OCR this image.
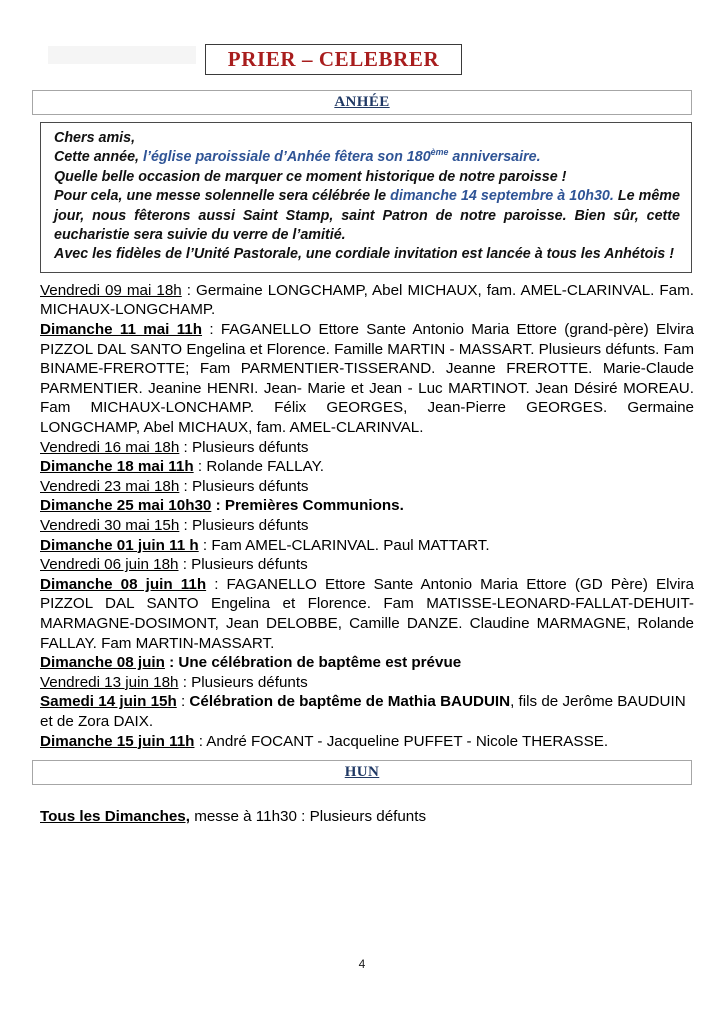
PRIER – CELEBRER
ANHÉE

Chers amis,

Cette année, l’église paroissiale d’Anhée fêtera son 180ème anniversaire.

Quelle belle occasion de marquer ce moment historique de notre paroisse !

Pour cela, une messe solennelle sera célébrée le dimanche 14 septembre à 10h30. Le même jour, nous fêterons aussi Saint Stamp, saint Patron de notre paroisse. Bien sûr, cette eucharistie sera suivie du verre de l’amitié.

Avec les fidèles de l’Unité Pastorale, une cordiale invitation est lancée à tous les Anhétois !

Vendredi 09 mai 18h : Germaine LONGCHAMP, Abel MICHAUX, fam. AMEL-CLARINVAL. Fam. MICHAUX-LONGCHAMP.

Dimanche 11 mai 11h : FAGANELLO Ettore Sante Antonio Maria Ettore (grand-père) Elvira PIZZOL DAL SANTO Engelina et Florence. Famille MARTIN - MASSART. Plusieurs défunts. Fam BINAME-FREROTTE; Fam PARMENTIER-TISSERAND. Jeanne FREROTTE. Marie-Claude PARMENTIER. Jeanine HENRI. Jean- Marie et Jean - Luc MARTINOT. Jean Désiré MOREAU. Fam MICHAUX-LONCHAMP. Félix GEORGES, Jean-Pierre GEORGES. Germaine LONGCHAMP, Abel MICHAUX, fam. AMEL-CLARINVAL.

Vendredi 16 mai 18h : Plusieurs défunts

Dimanche 18 mai 11h : Rolande FALLAY.

Vendredi 23 mai 18h : Plusieurs défunts

Dimanche 25 mai 10h30 : Premières Communions.

Vendredi 30 mai 15h : Plusieurs défunts

Dimanche 01 juin 11 h : Fam AMEL-CLARINVAL. Paul MATTART.

Vendredi 06 juin 18h : Plusieurs défunts

Dimanche 08 juin 11h : FAGANELLO Ettore Sante Antonio Maria Ettore (GD Père) Elvira PIZZOL DAL SANTO Engelina et Florence. Fam MATISSE-LEONARD-FALLAT-DEHUIT-MARMAGNE-DOSIMONT, Jean DELOBBE, Camille DANZE. Claudine MARMAGNE, Rolande FALLAY. Fam MARTIN-MASSART.

Dimanche 08 juin : Une célébration de baptême est prévue

Vendredi 13 juin 18h : Plusieurs défunts

Samedi 14 juin 15h : Célébration de baptême de Mathia BAUDUIN, fils de Jerôme BAUDUIN et de Zora DAIX.

Dimanche 15 juin 11h : André FOCANT - Jacqueline PUFFET - Nicole THERASSE.

HUN
Tous les Dimanches, messe à 11h30 : Plusieurs défunts
4
